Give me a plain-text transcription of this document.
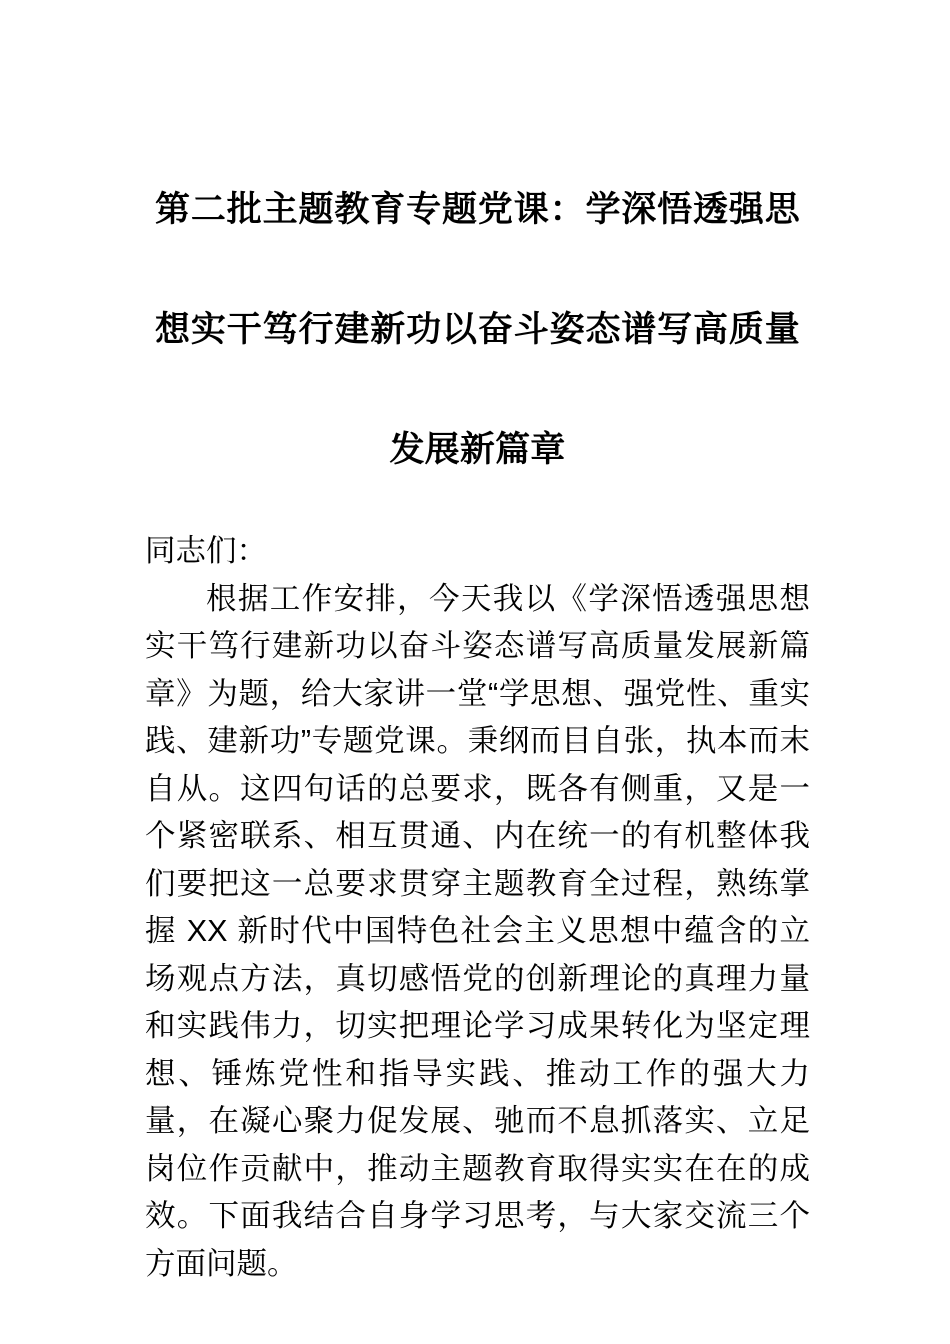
第二批主题教育专题党课：学深悟透强思想实干笃行建新功以奋斗姿态谱写高质量发展新篇章

同志们：

根据工作安排，今天我以《学深悟透强思想实干笃行建新功以奋斗姿态谱写高质量发展新篇章》为题，给大家讲一堂“学思想、强党性、重实践、建新功”专题党课。秉纲而目自张，执本而末自从。这四句话的总要求，既各有侧重，又是一个紧密联系、相互贯通、内在统一的有机整体我们要把这一总要求贯穿主题教育全过程，熟练掌握 XX 新时代中国特色社会主义思想中蕴含的立场观点方法，真切感悟党的创新理论的真理力量和实践伟力，切实把理论学习成果转化为坚定理想、锤炼党性和指导实践、推动工作的强大力量，在凝心聚力促发展、驰而不息抓落实、立足岗位作贡献中，推动主题教育取得实实在在的成效。下面我结合自身学习思考，与大家交流三个方面问题。
